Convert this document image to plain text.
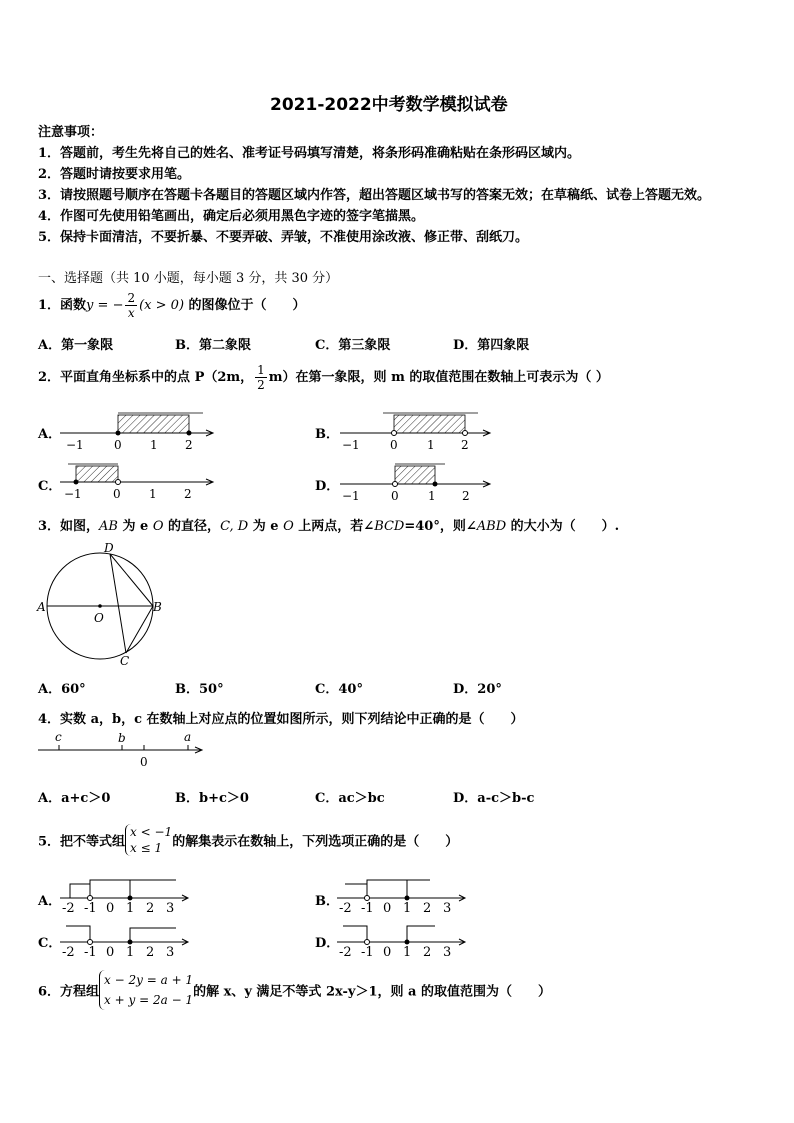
2021-2022中考数学模拟试卷
注意事项：
1．答题前，考生先将自己的姓名、准考证号码填写清楚，将条形码准确粘贴在条形码区域内。
2．答题时请按要求用笔。
3．请按照题号顺序在答题卡各题目的答题区域内作答，超出答题区域书写的答案无效；在草稿纸、试卷上答题无效。
4．作图可先使用铅笔画出，确定后必须用黑色字迹的签字笔描黑。
5．保持卡面清洁，不要折暴、不要弄破、弄皱，不准使用涂改液、修正带、刮纸刀。
一、选择题（共 10 小题，每小题 3 分，共 30 分）
1．函数y = − $\frac{2}{x} (x > 0)$ 的图像位于（　　）
A．第一象限	B．第二象限	C．第三象限	D．第四象限
2．平面直角坐标系中的点 P（2m， $\frac{1}{2} m$）在第一象限，则 m 的取值范围在数轴上可表示为（ ）
A．	B．
C．	D．
−1	0 1 2	−1	0 1 2
−1	0 1 2	−1	0 1 2
3．如图，AB 为 e O 的直径，C, D 为 e O 上两点，若∠BCD=40°，则∠ABD 的大小为（　　）.
A	B
D
C
O
A．60°	B．50°	C．40°	D．20°
4．实数 a，b，c 在数轴上对应点的位置如图所示，则下列结论中正确的是（　　）
c	b	a
0
A．a+c＞0	B．b+c＞0	C．ac＞bc	D．a-c＞b-c
5．把不等式组
x < −1
x ≤ 1 的解集表示在数轴上，下列选项正确的是（　　）
A．	B．
C．	D．
-2 -1 0 1 2 3	-2 -1 0 1 2 3
-2 -1 0 1 2 3	-2 -1 0 1 2 3
6．方程组
x − 2y = a + 1
x + y = 2a − 1
的解 x、y 满足不等式 2x-y＞1，则 a 的取值范围为（　　）
